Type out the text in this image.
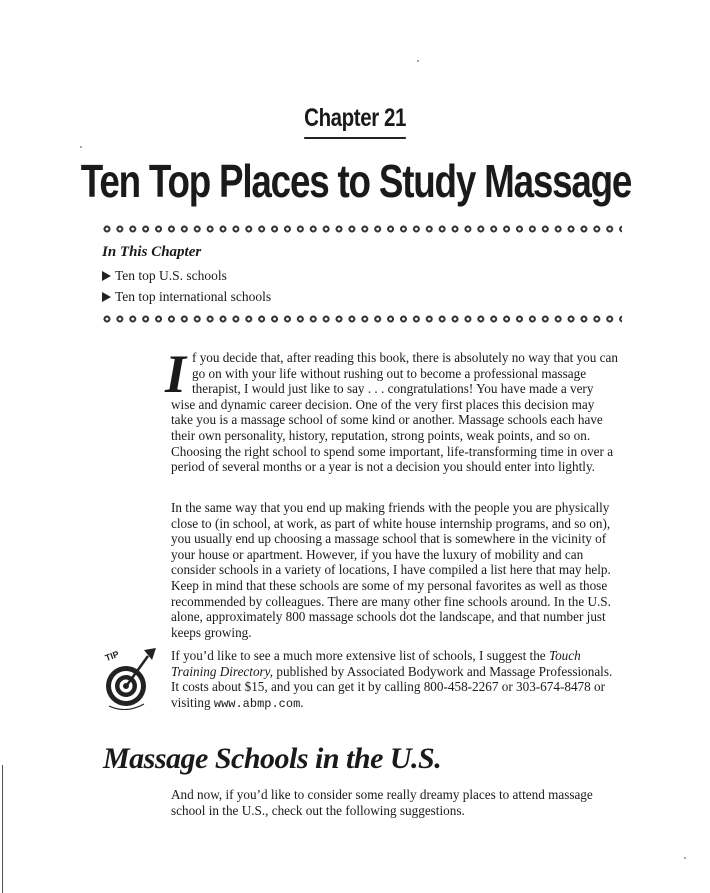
Chapter 21
Ten Top Places to Study Massage
In This Chapter
Ten top U.S. schools
Ten top international schools

If you decide that, after reading this book, there is absolutely no way that you can go on with your life without rushing out to become a professional massage therapist, I would just like to say . . . congratulations! You have made a very wise and dynamic career decision. One of the very first places this decision may take you is a massage school of some kind or another. Massage schools each have their own personality, history, reputation, strong points, weak points, and so on. Choosing the right school to spend some important, life-transforming time in over a period of several months or a year is not a decision you should enter into lightly.

In the same way that you end up making friends with the people you are physically close to (in school, at work, as part of white house internship programs, and so on), you usually end up choosing a massage school that is somewhere in the vicinity of your house or apartment. However, if you have the luxury of mobility and can consider schools in a variety of locations, I have compiled a list here that may help. Keep in mind that these schools are some of my personal favorites as well as those recommended by colleagues. There are many other fine schools around. In the U.S. alone, approximately 800 massage schools dot the landscape, and that number just keeps growing.

TIP	If you’d like to see a much more extensive list of schools, I suggest the Touch Training Directory, published by Associated Bodywork and Massage Professionals. It costs about $15, and you can get it by calling 800-458-2267 or 303-674-8478 or visiting www.abmp.com.

Massage Schools in the U.S.

And now, if you’d like to consider some really dreamy places to attend massage school in the U.S., check out the following suggestions.
